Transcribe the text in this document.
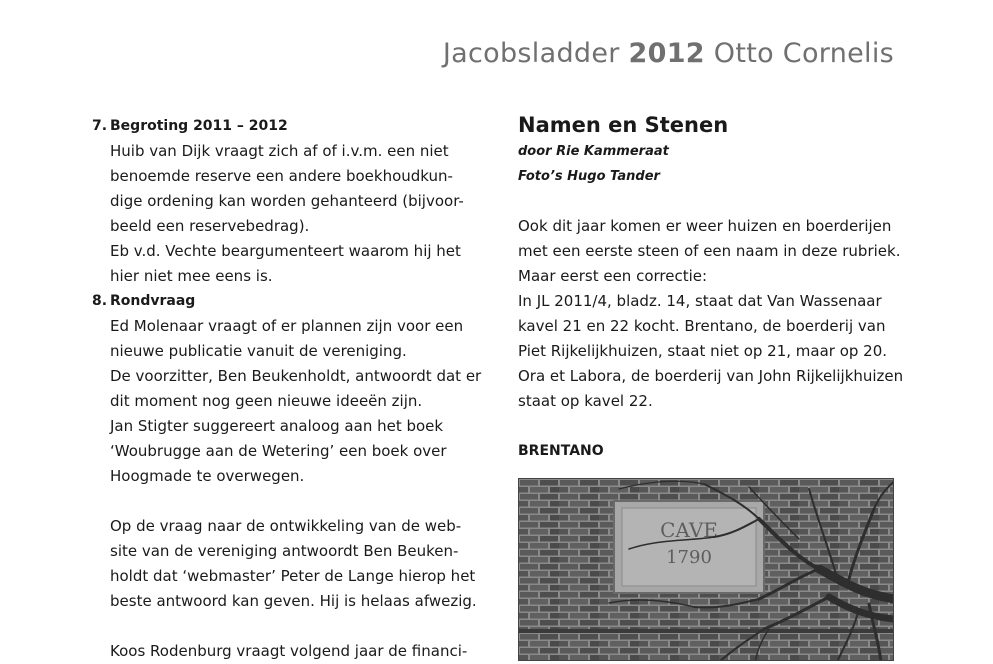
Jacobsladder 2012 Otto Cornelis
7. Begroting 2011 – 2012
Huib van Dijk vraagt zich af of i.v.m. een niet
benoemde reserve een andere boekhoudkun-
dige ordening kan worden gehanteerd (bijvoor-
beeld een reservebedrag).
Eb v.d. Vechte beargumenteert waarom hij het
hier niet mee eens is.
8. Rondvraag
Ed Molenaar vraagt of er plannen zijn voor een
nieuwe publicatie vanuit de vereniging.
De voorzitter, Ben Beukenholdt, antwoordt dat er
dit moment nog geen nieuwe ideeën zijn.
Jan Stigter suggereert analoog aan het boek
‘Woubrugge aan de Wetering’ een boek over
Hoogmade te overwegen.
Op de vraag naar de ontwikkeling van de web-
site van de vereniging antwoordt Ben Beuken-
holdt dat ‘webmaster’ Peter de Lange hierop het
beste antwoord kan geven. Hij is helaas afwezig.
Koos Rodenburg vraagt volgend jaar de financi-
Namen en Stenen
door Rie Kammeraat
Foto’s Hugo Tander
Ook dit jaar komen er weer huizen en boerderijen
met een eerste steen of een naam in deze rubriek.
Maar eerst een correctie:
In JL 2011/4, bladz. 14, staat dat Van Wassenaar
kavel 21 en 22 kocht. Brentano, de boerderij van
Piet Rijkelijkhuizen, staat niet op 21, maar op 20.
Ora et Labora, de boerderij van John Rijkelijkhuizen
staat op kavel 22.
BRENTANO
CAVE
1790
